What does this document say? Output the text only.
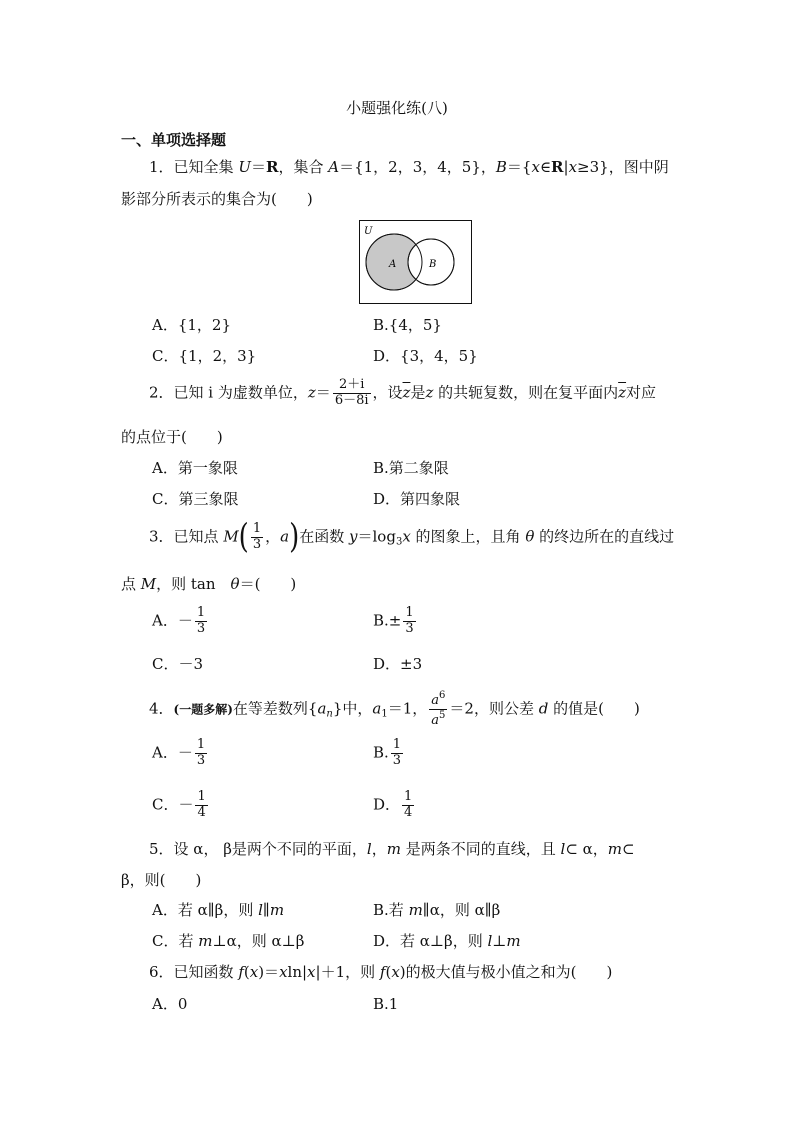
小题强化练(八)
一、单项选择题
1．已知全集 U＝R，集合 A＝{1，2，3，4，5}，B＝{x∈R|x≥3}，图中阴
影部分所表示的集合为(　　)
U
A	B
A．{1，2}	B.{4，5}
C．{1，2，3}	D．{3，4，5}
2．已知 i 为虚数单位，$z= \frac{2+i}{6-8i}$ ，设$\overline{z}$是z 的共轭复数，则在复平面内$\overline{z}$对应
的点位于(　　)
A．第一象限	B.第二象限
C．第三象限	D．第四象限
3．已知点 $M( \frac{1}{3}$ ，a)在函数 $y=\log_3x$ 的图象上，且角 θ 的终边所在的直线过
点 M，则 tan　θ＝(　　)
A．－ $\frac{1}{3}$	$B.\pm \frac{1}{3}$
C．－3	D．±3
4．(一题多解)在等差数列$\{a_n\}$中，$a_1=1$， $\frac{a^6}{a^5} =2$，则公差 d 的值是(　　)
A．－ $\frac{1}{3}$	B. $\frac{1}{3}$
C．－ $\frac{1}{4}$	D． $\frac{1}{4}$
5．设 α， β是两个不同的平面，l，m 是两条不同的直线，且 l⊂ α，m⊂
β，则(　　)
A．若 α∥β，则 l∥m	B.若 m∥α，则 α∥β
C．若 m⊥α，则 α⊥β	D．若 α⊥β，则 l⊥m
6．已知函数 f(x)＝xln|x|＋1，则 f(x)的极大值与极小值之和为(　　)
A．0	B.1
